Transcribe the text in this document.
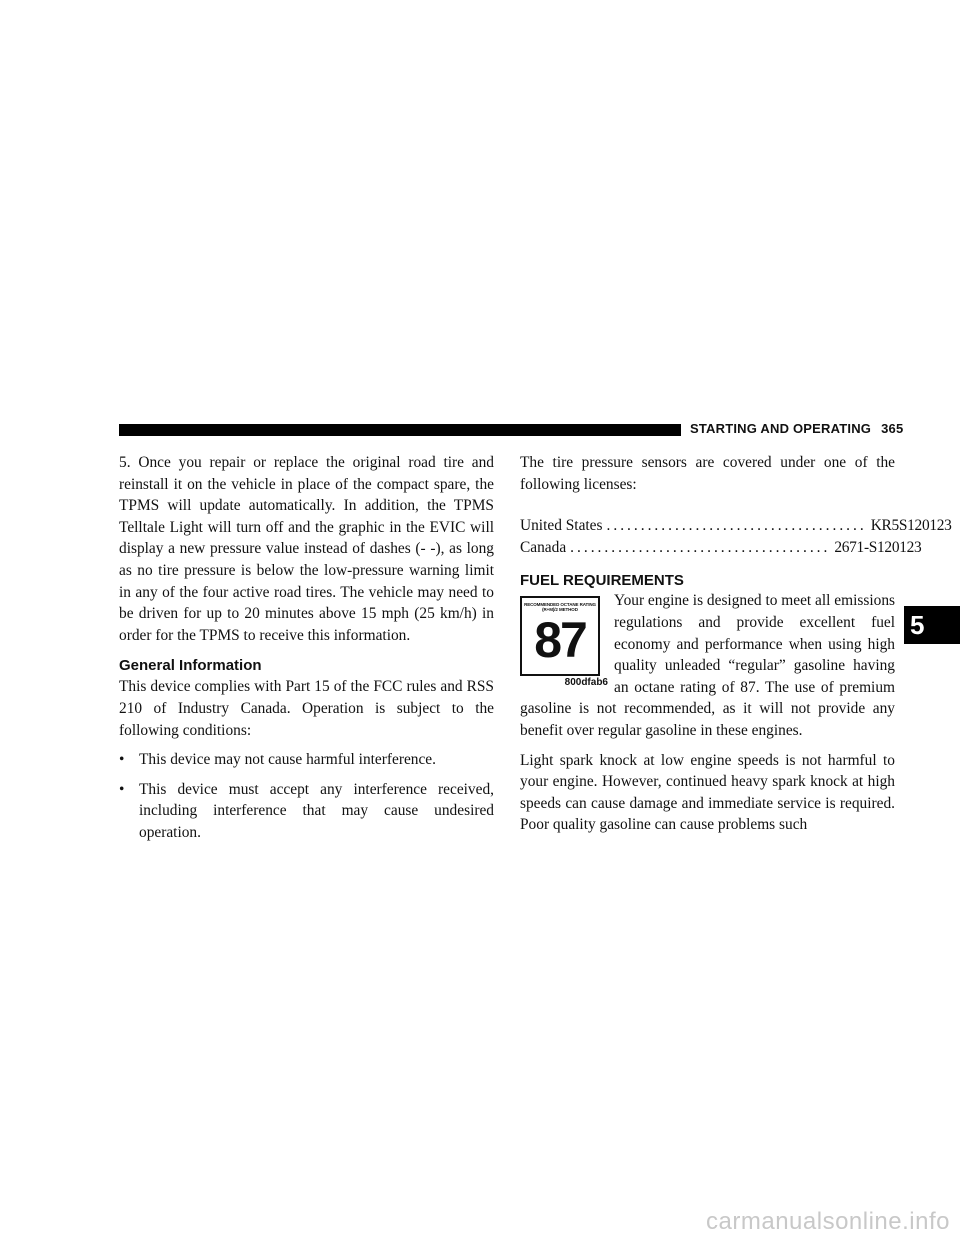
STARTING AND OPERATING 365
5

5. Once you repair or replace the original road tire and reinstall it on the vehicle in place of the compact spare, the TPMS will update automatically. In addition, the TPMS Telltale Light will turn off and the graphic in the EVIC will display a new pressure value instead of dashes (- -), as long as no tire pressure is below the low-pressure warning limit in any of the four active road tires. The vehicle may need to be driven for up to 20 minutes above 15 mph (25 km/h) in order for the TPMS to receive this information.

General Information

This device complies with Part 15 of the FCC rules and RSS 210 of Industry Canada. Operation is subject to the following conditions:

• This device may not cause harmful interference.
• This device must accept any interference received, including interference that may cause undesired operation.

The tire pressure sensors are covered under one of the following licenses:

United States ...................................... KR5S120123
Canada ...................................... 2671-S120123
FUEL REQUIREMENTS
RECOMMENDED OCTANE RATING
(R+M)/2 METHOD
87
800dfab6

Your engine is designed to meet all emissions regulations and provide excellent fuel economy and performance when using high quality unleaded “regular” gasoline having an octane rating of 87. The use of premium gasoline is not recommended, as it will not provide any benefit over regular gasoline in these engines.

Light spark knock at low engine speeds is not harmful to your engine. However, continued heavy spark knock at high speeds can cause damage and immediate service is required. Poor quality gasoline can cause problems such

carmanualsonline.info
